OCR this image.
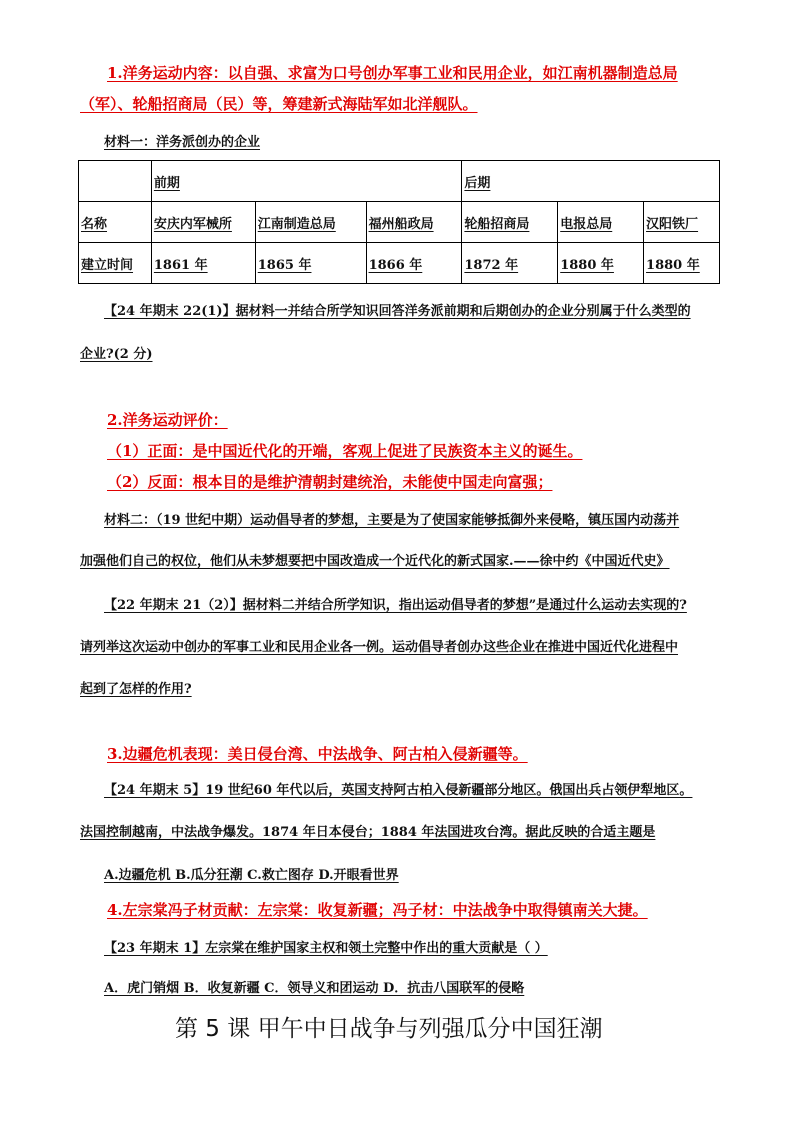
1.洋务运动内容：以自强、求富为口号创办军事工业和民用企业，如江南机器制造总局
（军）、轮船招商局（民）等，筹建新式海陆军如北洋舰队。
材料一：洋务派创办的企业
	前期			后期		
名称	安庆内军械所	江南制造总局	福州船政局	轮船招商局	电报总局	汉阳铁厂
建立时间	1861 年	1865 年	1866 年	1872 年	1880 年	1880 年
【24 年期末 22(1)】据材料一并结合所学知识回答洋务派前期和后期创办的企业分别属于什么类型的
企业?(2 分)
2.洋务运动评价：
（1）正面：是中国近代化的开端，客观上促进了民族资本主义的诞生。
（2）反面：根本目的是维护清朝封建统治，未能使中国走向富强；
材料二：（19 世纪中期）运动倡导者的梦想，主要是为了使国家能够抵御外来侵略，镇压国内动荡并
加强他们自己的权位，他们从未梦想要把中国改造成一个近代化的新式国家.——徐中约《中国近代史》
【22 年期末 21（2）】据材料二并结合所学知识，指出运动倡导者的梦想”是通过什么运动去实现的?
请列举这次运动中创办的军事工业和民用企业各一例。运动倡导者创办这些企业在推进中国近代化进程中
起到了怎样的作用?
3.边疆危机表现：美日侵台湾、中法战争、阿古柏入侵新疆等。
【24 年期末 5】19 世纪60 年代以后，英国支持阿古柏入侵新疆部分地区。俄国出兵占领伊犁地区。
法国控制越南，中法战争爆发。1874 年日本侵台；1884 年法国进攻台湾。据此反映的合适主题是
A.边疆危机 B.瓜分狂潮 C.救亡图存 D.开眼看世界
4.左宗棠冯子材贡献：左宗棠：收复新疆；冯子材：中法战争中取得镇南关大捷。
【23 年期末 1】左宗棠在维护国家主权和领土完整中作出的重大贡献是（ ）
A．虎门销烟 B．收复新疆 C．领导义和团运动 D．抗击八国联军的侵略
第 5 课 甲午中日战争与列强瓜分中国狂潮
